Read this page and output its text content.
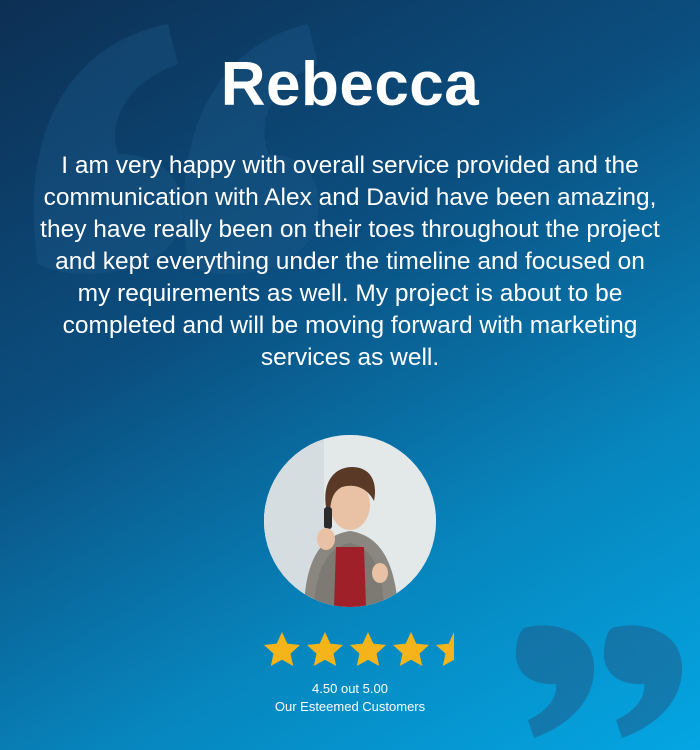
Rebecca

I am very happy with overall service provided and the communication with Alex and David have been amazing, they have really been on their toes throughout the project and kept everything under the timeline and focused on my requirements as well. My project is about to be completed and will be moving forward with marketing services as well.

4.50 out 5.00
Our Esteemed Customers
